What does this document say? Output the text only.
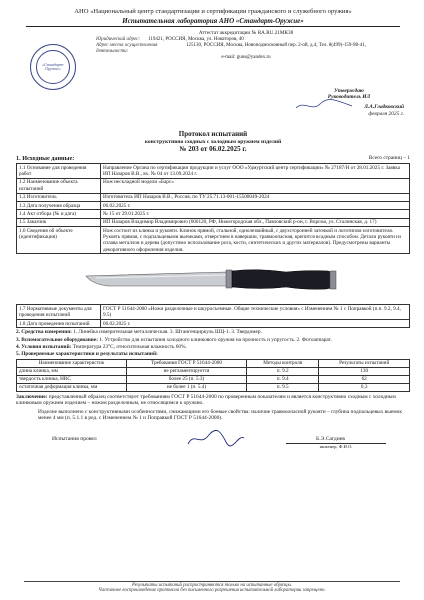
АНО «Национальный центр стандартизации и сертификации гражданского и служебного оружия»
Испытательная лаборатория АНО «Стандарт-Оружие»
«Стандарт-Оружие»
Аттестат аккредитации № RA.RU.21МК38
Юридический адрес:	119421, РОССИЯ, Москва, ул. Новаторов, 40
Адрес места осуществления деятельности:
125130, РОССИЯ, Москва, Новоподмосковный пер. 2-ой, д.4, Тел. 8(499)-159-98-41,
e-mail: guns@yandex.ru
Утверждаю
Руководитель ИЛ
Л.А.Гладковский
февраля 2025 г.
Протокол испытаний
конструктивно сходных с холодным оружием изделий
№ 203 от 06.02.2025 г.
1. Исходные данные:	Всего страниц – 1
1.1 Основание для проведения работ	Направление Органа по сертификации продукции и услуг ООО «Удмуртский центр сертификации» № 27187/Н от 28.01.2025 г. Заявка ИП Назаров В.В., вх. № 04 от 13.09.2024 г.
1.2 Наименование объекта испытаний	Нож нескладной модели «Барс»
1.3 Изготовитель	Изготовитель ИП Назаров В.В., Россия, по ТУ 25.71.13-001-15500049-2024
1.3 Дата получения образца	06.02.2025 г.
1.4 Акт отбора (№ и дата)	№ 15 от 29.01.2025 г.
1.5 Заказчик	ИП Назаров Владимир Владимирович (606120, РФ, Нижегородская обл., Павловский р-он, г. Ворсма, ул. Сталинская, д. 17)
1.6 Сведения об объекте (идентификация)	Нож состоит из клинка и рукояти. Клинок прямой, стальной, однолезвийный, с двухсторонней заточкой и логотипом изготовителя. Рукоять прямая, с подпальцевыми выемками, отверстием в навершии, травмоопасная, крепится всадным способом. Детали рукояти из сплава металлов и дерева (допустимо использование рога, кости, синтетических и других материалов). Предусмотрены варианты декоративного оформления изделия.
1.7 Нормативные документы для проведения испытаний	ГОСТ Р 51644-2000 «Ножи разделочные и шкуросъемные. Общие технические условия» с Изменением № 1 с Поправкой (п.п. 9.2, 9.4, 9.5)
1.8 Дата проведения испытаний	06.02.2025 г.
2. Средства измерения: 1. Линейка измерительная металлическая. 3. Штангенциркуль ШЦ-1. 3. Твердомер.
3. Вспомогательное оборудование: 1. Устройство для испытания холодного клинкового оружия на прочность и упругость. 2. Фотоаппарат.
4. Условия испытаний: Температура 23°С, относительная влажность 60%.
5. Проверяемые характеристики и результаты испытаний:
Наименование характеристик	Требования ГОСТ Р 51644-2000	Методы контроля	Результаты испытаний
длина клинка, мм	не регламентируется	п. 9.2	130
твердость клинка, HRC	более 25 (п. 5.3)	п. 9.4	62
остаточная деформация клинка, мм	не более 1 (п. 5.4)	п. 9.5	0,3
Заключение: представленный образец соответствует требованиям ГОСТ Р 51644-2000 по проверенным показателям и является конструктивно сходным с холодным клинковым оружием изделием – ножом разделочным, не относящимся к оружию.
Изделие выполнено с конструктивными особенностями, снижающими его боевые свойства: наличие травмоопасной рукояти – глубина подпальцевых выемок менее 4 мм (п. 5.1.1 в ред. с Изменением № 1 и Поправкой ГОСТ Р 51644-2000).
Испытания провел	Б.Э.Сагдиев
инженер, Ф.И.О.
Результаты испытаний распространяются только на испытанные образцы.
Частичное воспроизведение протокола без письменного разрешения испытательной лаборатории запрещено.
